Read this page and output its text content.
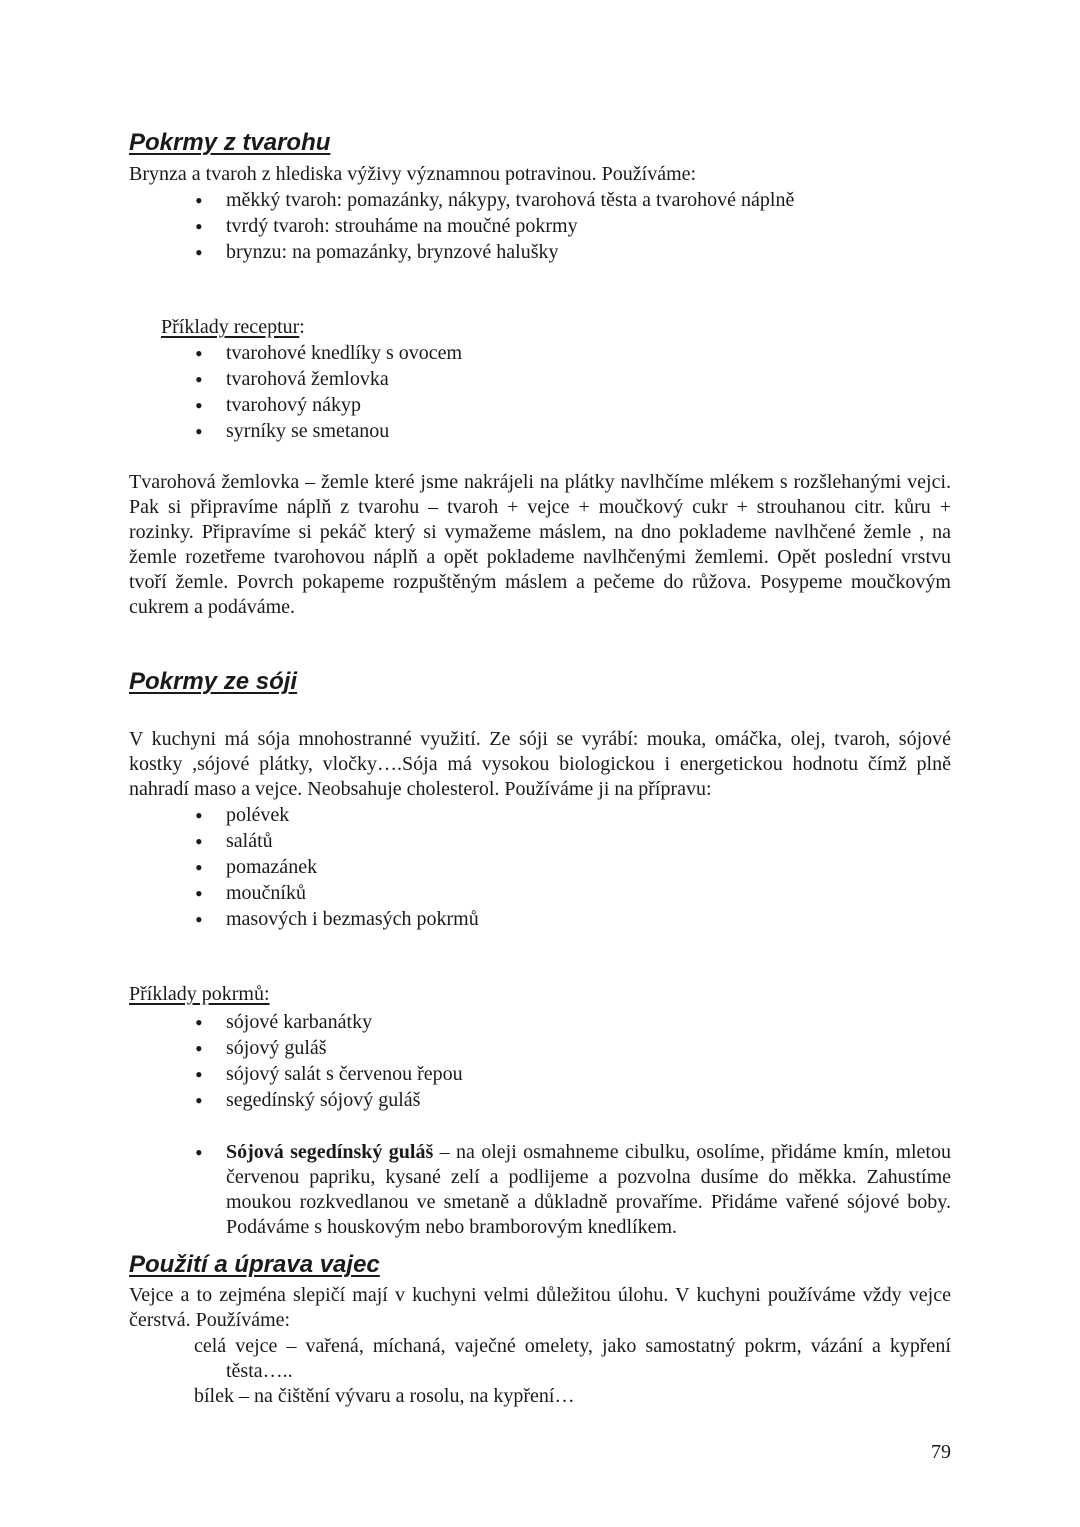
Pokrmy z tvarohu

Brynza a tvaroh z hlediska výživy významnou potravinou. Používáme:

• měkký tvaroh: pomazánky, nákypy, tvarohová těsta a tvarohové náplně
• tvrdý tvaroh: strouháme na moučné pokrmy
• brynzu: na pomazánky, brynzové halušky

Příklady receptur:

• tvarohové knedlíky s ovocem
• tvarohová žemlovka
• tvarohový nákyp
• syrníky se smetanou

Tvarohová žemlovka – žemle které jsme nakrájeli na plátky navlhčíme mlékem s rozšlehanými vejci. Pak si připravíme náplň z tvarohu – tvaroh + vejce + moučkový cukr + strouhanou citr. kůru + rozinky. Připravíme si pekáč který si vymažeme máslem, na dno poklademe navlhčené žemle , na žemle rozetřeme tvarohovou náplň a opět poklademe navlhčenými žemlemi. Opět poslední vrstvu tvoří žemle. Povrch pokapeme rozpuštěným máslem a pečeme do růžova. Posypeme moučkovým cukrem a podáváme.

Pokrmy ze sóji

V kuchyni má sója mnohostranné využití. Ze sóji se vyrábí: mouka, omáčka, olej, tvaroh, sójové kostky ,sójové plátky, vločky….Sója má vysokou biologickou i energetickou hodnotu čímž plně nahradí maso a vejce. Neobsahuje cholesterol. Používáme ji na přípravu:

• polévek
• salátů
• pomazánek
• moučníků
• masových i bezmasých pokrmů

Příklady pokrmů:

• sójové karbanátky
• sójový guláš
• sójový salát s červenou řepou
• segedínský sójový guláš
• Sójová segedínský guláš – na oleji osmahneme cibulku, osolíme, přidáme kmín, mletou červenou papriku, kysané zelí a podlijeme a pozvolna dusíme do měkka. Zahustíme moukou rozkvedlanou ve smetaně a důkladně provaříme. Přidáme vařené sójové boby. Podáváme s houskovým nebo bramborovým knedlíkem.
Použití a úprava vajec

Vejce a to zejména slepičí mají v kuchyni velmi důležitou úlohu. V kuchyni používáme vždy vejce čerstvá. Používáme:

celá vejce – vařená, míchaná, vaječné omelety, jako samostatný pokrm, vázání a kypření těsta…..

bílek – na čištění vývaru a rosolu, na kypření…

79
